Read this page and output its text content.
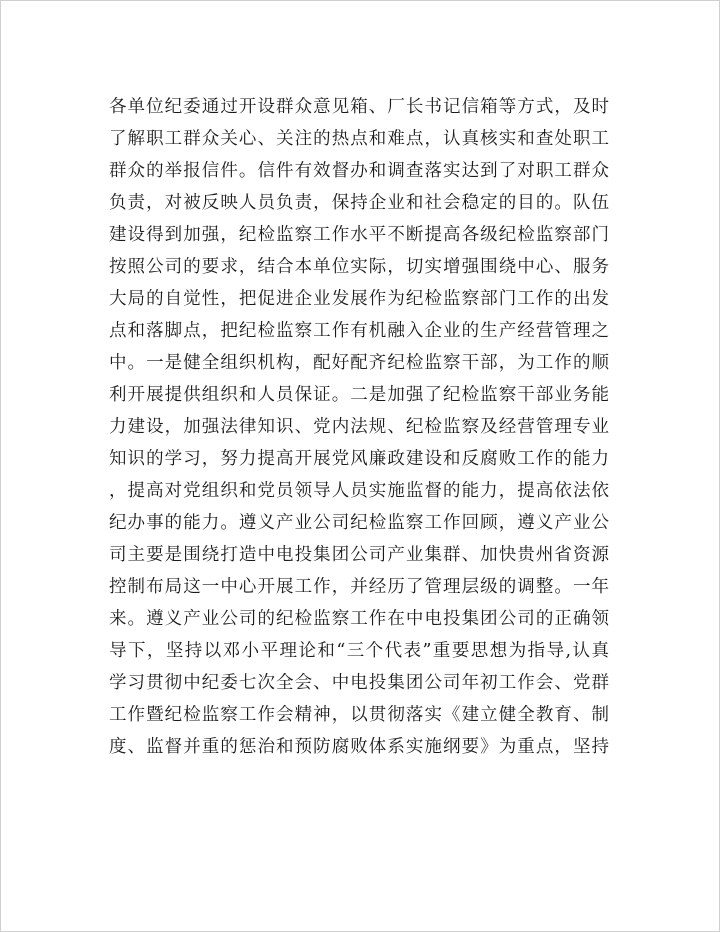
各单位纪委通过开设群众意见箱、厂长书记信箱等方式，及时
了解职工群众关心、关注的热点和难点，认真核实和查处职工
群众的举报信件。信件有效督办和调查落实达到了对职工群众
负责，对被反映人员负责，保持企业和社会稳定的目的。队伍
建设得到加强，纪检监察工作水平不断提高各级纪检监察部门
按照公司的要求，结合本单位实际，切实增强围绕中心、服务
大局的自觉性，把促进企业发展作为纪检监察部门工作的出发
点和落脚点，把纪检监察工作有机融入企业的生产经营管理之
中。一是健全组织机构，配好配齐纪检监察干部，为工作的顺
利开展提供组织和人员保证。二是加强了纪检监察干部业务能
力建设，加强法律知识、党内法规、纪检监察及经营管理专业
知识的学习，努力提高开展党风廉政建设和反腐败工作的能力
，提高对党组织和党员领导人员实施监督的能力，提高依法依
纪办事的能力。遵义产业公司纪检监察工作回顾，遵义产业公
司主要是围绕打造中电投集团公司产业集群、加快贵州省资源
控制布局这一中心开展工作，并经历了管理层级的调整。一年
来。遵义产业公司的纪检监察工作在中电投集团公司的正确领
导下，坚持以邓小平理论和“三个代表”重要思想为指导,认真
学习贯彻中纪委七次全会、中电投集团公司年初工作会、党群
工作暨纪检监察工作会精神，以贯彻落实《建立健全教育、制
度、监督并重的惩治和预防腐败体系实施纲要》为重点，坚持
